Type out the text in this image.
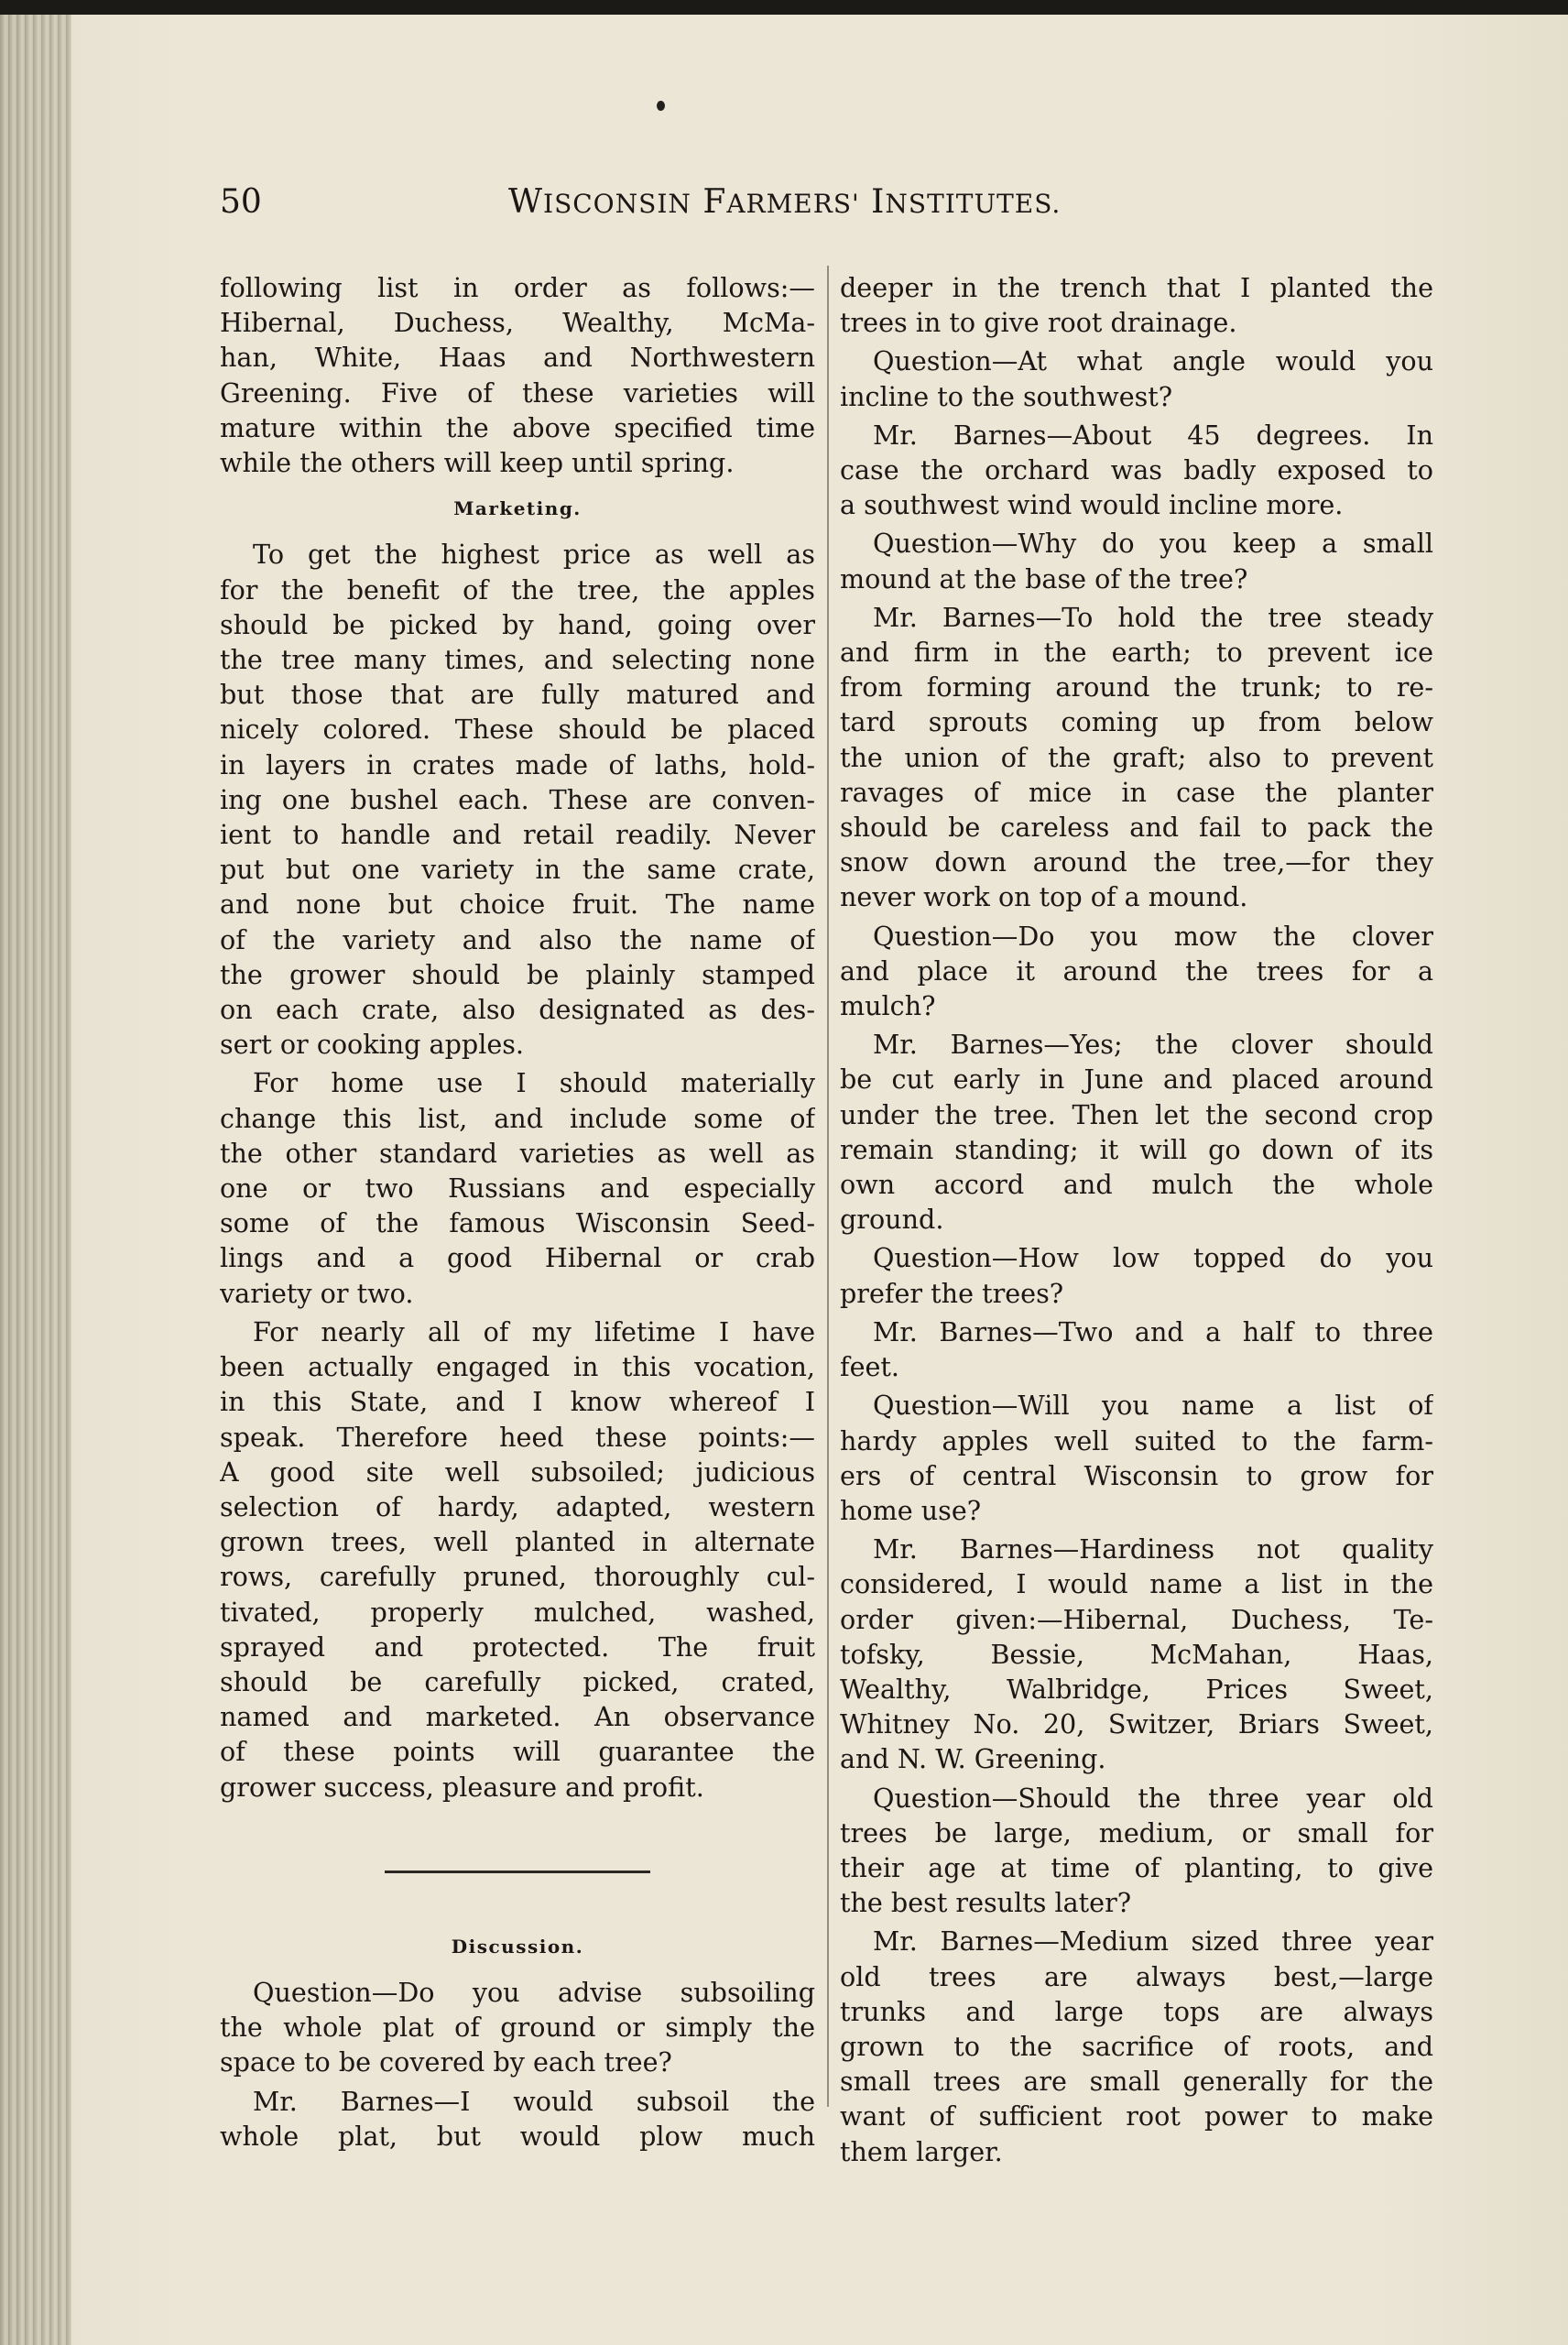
50	WISCONSIN FARMERS' INSTITUTES.
following list in order as follows:—
Hibernal, Duchess, Wealthy, McMa-
han, White, Haas and Northwestern
Greening. Five of these varieties will
mature within the above specified time
while the others will keep until spring.
Marketing.
To get the highest price as well as
for the benefit of the tree, the apples
should be picked by hand, going over
the tree many times, and selecting none
but those that are fully matured and
nicely colored. These should be placed
in layers in crates made of laths, hold-
ing one bushel each. These are conven-
ient to handle and retail readily. Never
put but one variety in the same crate,
and none but choice fruit. The name
of the variety and also the name of
the grower should be plainly stamped
on each crate, also designated as des-
sert or cooking apples.
For home use I should materially
change this list, and include some of
the other standard varieties as well as
one or two Russians and especially
some of the famous Wisconsin Seed-
lings and a good Hibernal or crab
variety or two.
For nearly all of my lifetime I have
been actually engaged in this vocation,
in this State, and I know whereof I
speak. Therefore heed these points:—
A good site well subsoiled; judicious
selection of hardy, adapted, western
grown trees, well planted in alternate
rows, carefully pruned, thoroughly cul-
tivated, properly mulched, washed,
sprayed and protected. The fruit
should be carefully picked, crated,
named and marketed. An observance
of these points will guarantee the
grower success, pleasure and profit.
Discussion.
Question—Do you advise subsoiling
the whole plat of ground or simply the
space to be covered by each tree?
Mr. Barnes—I would subsoil the
whole plat, but would plow much
deeper in the trench that I planted the
trees in to give root drainage.
Question—At what angle would you
incline to the southwest?
Mr. Barnes—About 45 degrees. In
case the orchard was badly exposed to
a southwest wind would incline more.
Question—Why do you keep a small
mound at the base of the tree?
Mr. Barnes—To hold the tree steady
and firm in the earth; to prevent ice
from forming around the trunk; to re-
tard sprouts coming up from below
the union of the graft; also to prevent
ravages of mice in case the planter
should be careless and fail to pack the
snow down around the tree,—for they
never work on top of a mound.
Question—Do you mow the clover
and place it around the trees for a
mulch?
Mr. Barnes—Yes; the clover should
be cut early in June and placed around
under the tree. Then let the second crop
remain standing; it will go down of its
own accord and mulch the whole
ground.
Question—How low topped do you
prefer the trees?
Mr. Barnes—Two and a half to three
feet.
Question—Will you name a list of
hardy apples well suited to the farm-
ers of central Wisconsin to grow for
home use?
Mr. Barnes—Hardiness not quality
considered, I would name a list in the
order given:—Hibernal, Duchess, Te-
tofsky, Bessie, McMahan, Haas,
Wealthy, Walbridge, Prices Sweet,
Whitney No. 20, Switzer, Briars Sweet,
and N. W. Greening.
Question—Should the three year old
trees be large, medium, or small for
their age at time of planting, to give
the best results later?
Mr. Barnes—Medium sized three year
old trees are always best,—large
trunks and large tops are always
grown to the sacrifice of roots, and
small trees are small generally for the
want of sufficient root power to make
them larger.
